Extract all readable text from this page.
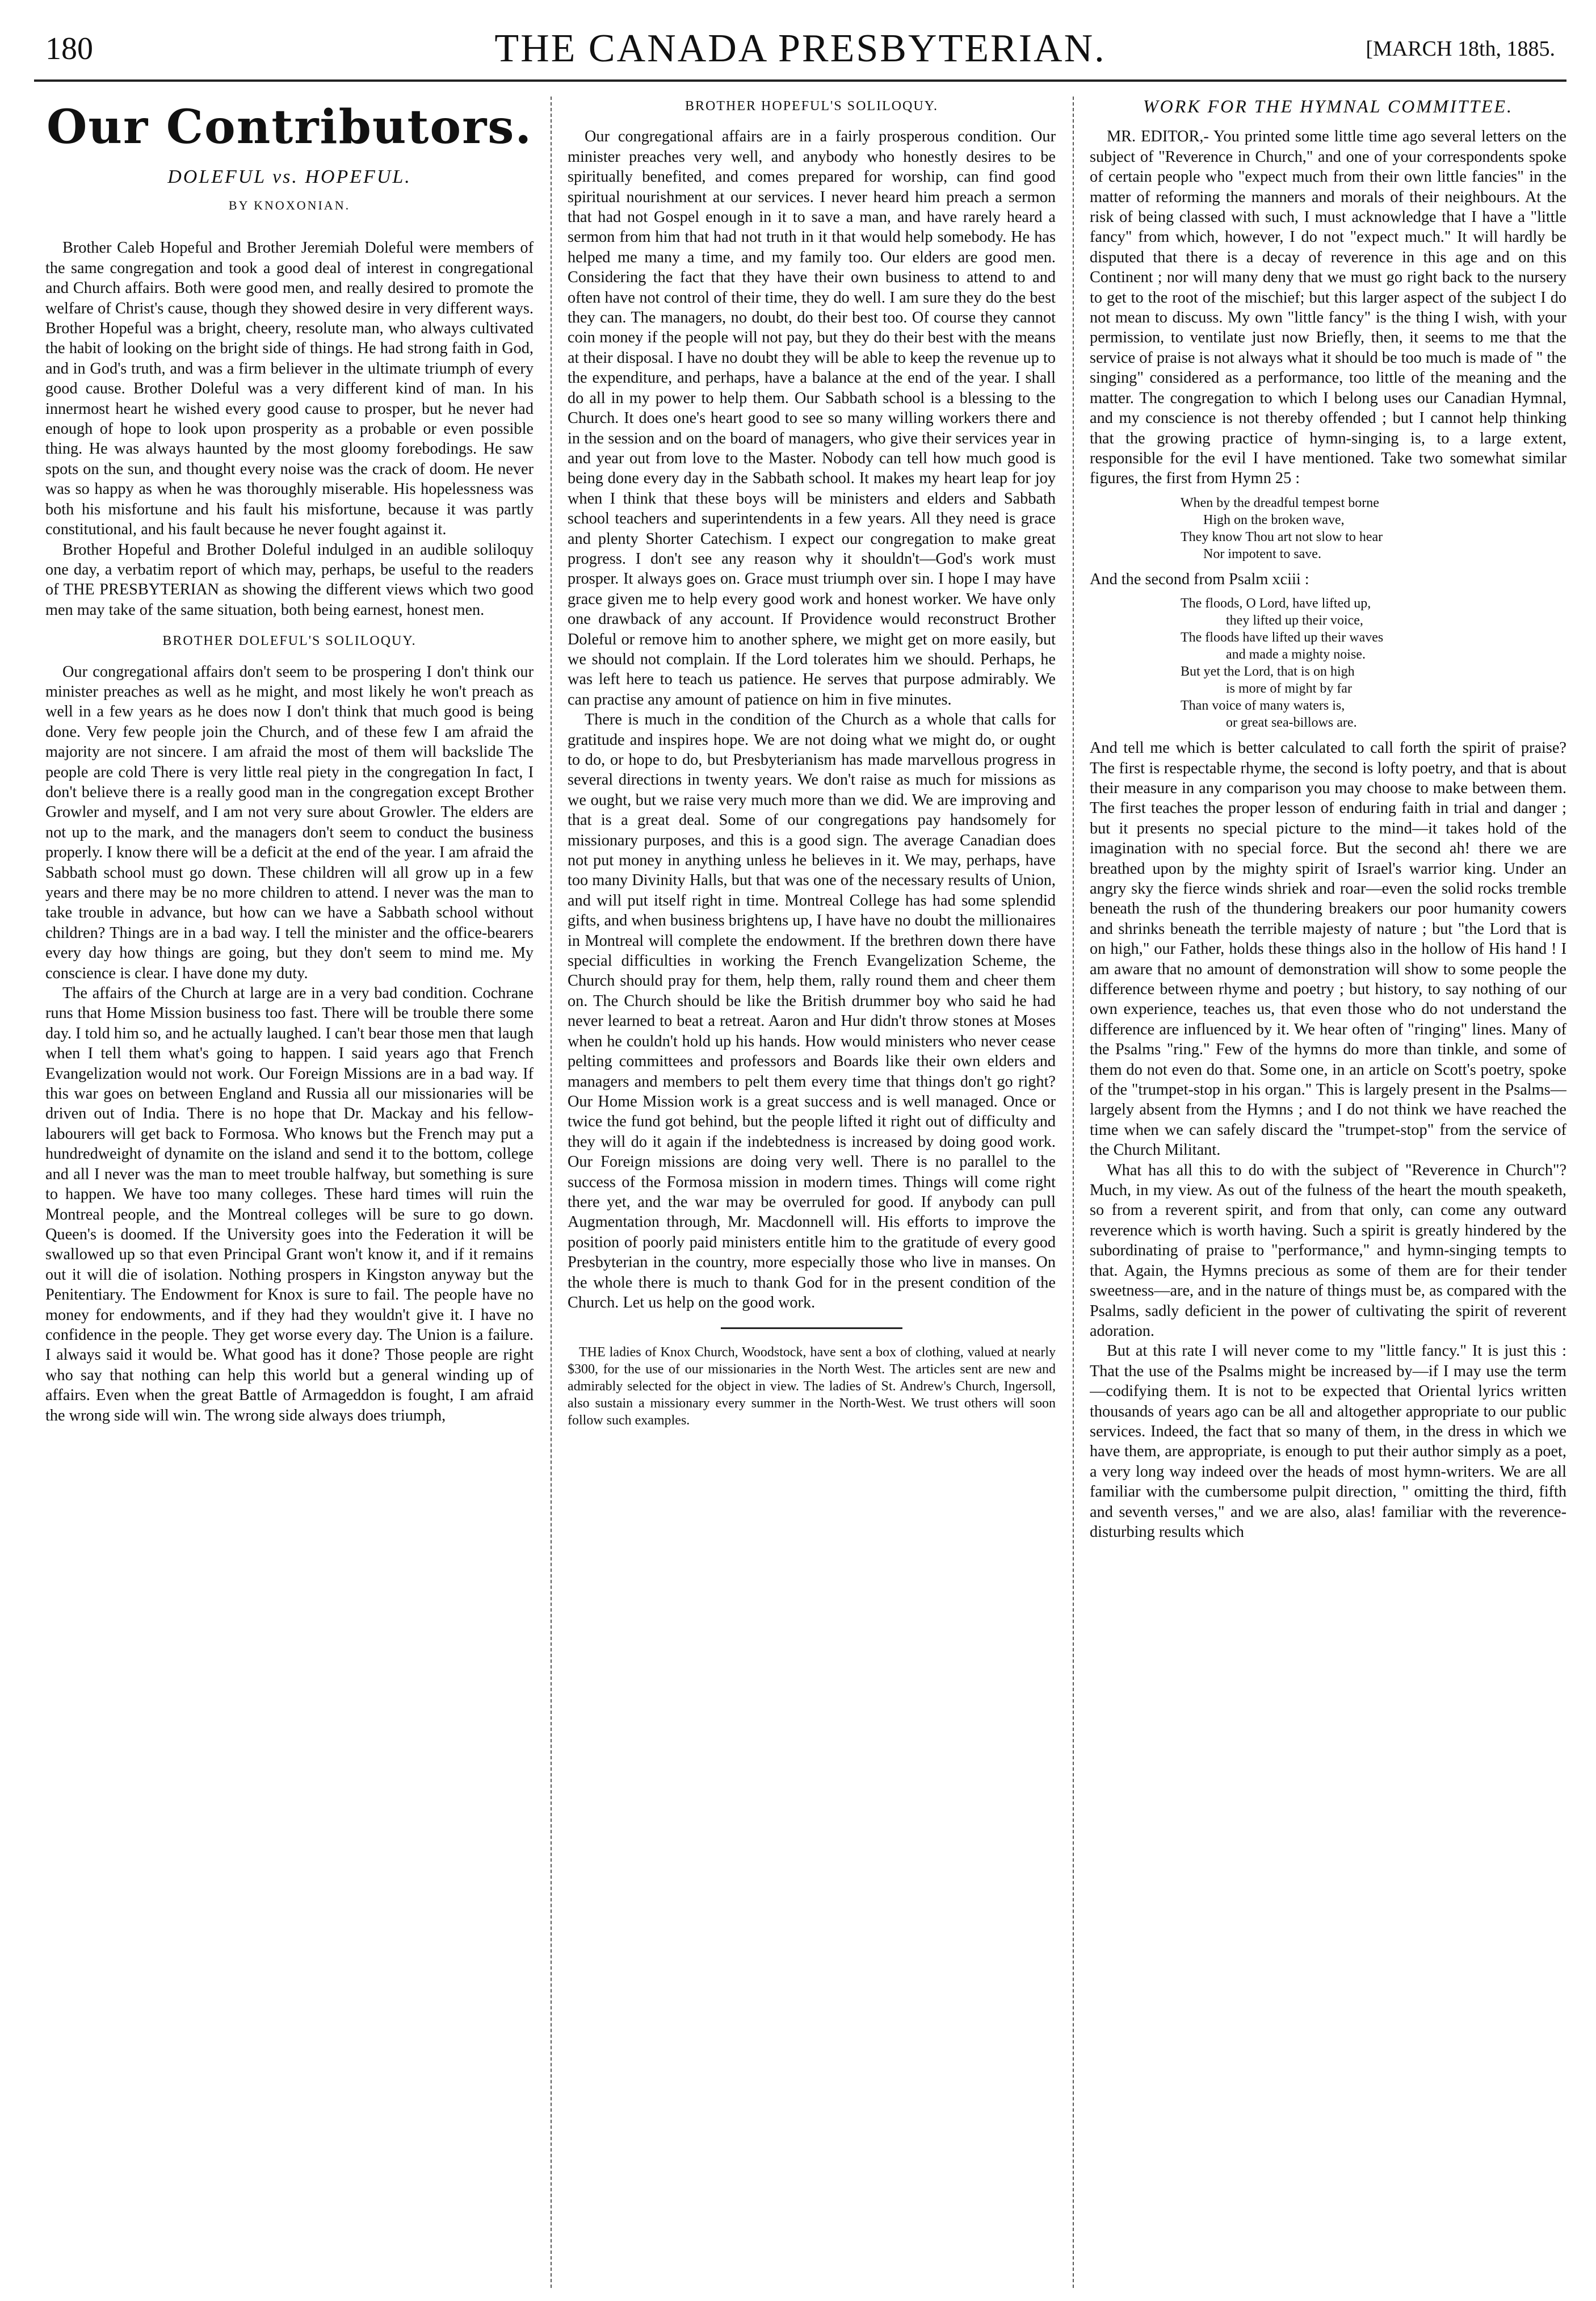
180	THE CANADA PRESBYTERIAN.	[MARCH 18th, 1885.
Our Contributors.

DOLEFUL vs. HOPEFUL.

BY KNOXONIAN.

Brother Caleb Hopeful and Brother Jeremiah Doleful were members of the same congregation and took a good deal of interest in congregational and Church affairs. Both were good men, and really desired to promote the welfare of Christ's cause, though they showed desire in very different ways. Brother Hopeful was a bright, cheery, resolute man, who always cultivated the habit of looking on the bright side of things. He had strong faith in God, and in God's truth, and was a firm believer in the ultimate triumph of every good cause. Brother Doleful was a very different kind of man. In his innermost heart he wished every good cause to prosper, but he never had enough of hope to look upon prosperity as a probable or even possible thing. He was always haunted by the most gloomy forebodings. He saw spots on the sun, and thought every noise was the crack of doom. He never was so happy as when he was thoroughly miserable. His hopelessness was both his misfortune and his fault his misfortune, because it was partly constitutional, and his fault because he never fought against it.

Brother Hopeful and Brother Doleful indulged in an audible soliloquy one day, a verbatim report of which may, perhaps, be useful to the readers of THE PRESBYTERIAN as showing the different views which two good men may take of the same situation, both being earnest, honest men.

BROTHER DOLEFUL'S SOLILOQUY.

Our congregational affairs don't seem to be prospering I don't think our minister preaches as well as he might, and most likely he won't preach as well in a few years as he does now I don't think that much good is being done. Very few people join the Church, and of these few I am afraid the majority are not sincere. I am afraid the most of them will backslide The people are cold There is very little real piety in the congregation In fact, I don't believe there is a really good man in the congregation except Brother Growler and myself, and I am not very sure about Growler. The elders are not up to the mark, and the managers don't seem to conduct the business properly. I know there will be a deficit at the end of the year. I am afraid the Sabbath school must go down. These children will all grow up in a few years and there may be no more children to attend. I never was the man to take trouble in advance, but how can we have a Sabbath school without children? Things are in a bad way. I tell the minister and the office-bearers every day how things are going, but they don't seem to mind me. My conscience is clear. I have done my duty.

The affairs of the Church at large are in a very bad condition. Cochrane runs that Home Mission business too fast. There will be trouble there some day. I told him so, and he actually laughed. I can't bear those men that laugh when I tell them what's going to happen. I said years ago that French Evangelization would not work. Our Foreign Missions are in a bad way. If this war goes on between England and Russia all our missionaries will be driven out of India. There is no hope that Dr. Mackay and his fellow-labourers will get back to Formosa. Who knows but the French may put a hundredweight of dynamite on the island and send it to the bottom, college and all I never was the man to meet trouble halfway, but something is sure to happen. We have too many colleges. These hard times will ruin the Montreal people, and the Montreal colleges will be sure to go down. Queen's is doomed. If the University goes into the Federation it will be swallowed up so that even Principal Grant won't know it, and if it remains out it will die of isolation. Nothing prospers in Kingston anyway but the Penitentiary. The Endowment for Knox is sure to fail. The people have no money for endowments, and if they had they wouldn't give it. I have no confidence in the people. They get worse every day. The Union is a failure. I always said it would be. What good has it done? Those people are right who say that nothing can help this world but a general winding up of affairs. Even when the great Battle of Armageddon is fought, I am afraid the wrong side will win. The wrong side always does triumph,

BROTHER HOPEFUL'S SOLILOQUY.

Our congregational affairs are in a fairly prosperous condition. Our minister preaches very well, and anybody who honestly desires to be spiritually benefited, and comes prepared for worship, can find good spiritual nourishment at our services. I never heard him preach a sermon that had not Gospel enough in it to save a man, and have rarely heard a sermon from him that had not truth in it that would help somebody. He has helped me many a time, and my family too. Our elders are good men. Considering the fact that they have their own business to attend to and often have not control of their time, they do well. I am sure they do the best they can. The managers, no doubt, do their best too. Of course they cannot coin money if the people will not pay, but they do their best with the means at their disposal. I have no doubt they will be able to keep the revenue up to the expenditure, and perhaps, have a balance at the end of the year. I shall do all in my power to help them. Our Sabbath school is a blessing to the Church. It does one's heart good to see so many willing workers there and in the session and on the board of managers, who give their services year in and year out from love to the Master. Nobody can tell how much good is being done every day in the Sabbath school. It makes my heart leap for joy when I think that these boys will be ministers and elders and Sabbath school teachers and superintendents in a few years. All they need is grace and plenty Shorter Catechism. I expect our congregation to make great progress. I don't see any reason why it shouldn't—God's work must prosper. It always goes on. Grace must triumph over sin. I hope I may have grace given me to help every good work and honest worker. We have only one drawback of any account. If Providence would reconstruct Brother Doleful or remove him to another sphere, we might get on more easily, but we should not complain. If the Lord tolerates him we should. Perhaps, he was left here to teach us patience. He serves that purpose admirably. We can practise any amount of patience on him in five minutes.

There is much in the condition of the Church as a whole that calls for gratitude and inspires hope. We are not doing what we might do, or ought to do, or hope to do, but Presbyterianism has made marvellous progress in several directions in twenty years. We don't raise as much for missions as we ought, but we raise very much more than we did. We are improving and that is a great deal. Some of our congregations pay handsomely for missionary purposes, and this is a good sign. The average Canadian does not put money in anything unless he believes in it. We may, perhaps, have too many Divinity Halls, but that was one of the necessary results of Union, and will put itself right in time. Montreal College has had some splendid gifts, and when business brightens up, I have have no doubt the millionaires in Montreal will complete the endowment. If the brethren down there have special difficulties in working the French Evangelization Scheme, the Church should pray for them, help them, rally round them and cheer them on. The Church should be like the British drummer boy who said he had never learned to beat a retreat. Aaron and Hur didn't throw stones at Moses when he couldn't hold up his hands. How would ministers who never cease pelting committees and professors and Boards like their own elders and managers and members to pelt them every time that things don't go right? Our Home Mission work is a great success and is well managed. Once or twice the fund got behind, but the people lifted it right out of difficulty and they will do it again if the indebtedness is increased by doing good work. Our Foreign missions are doing very well. There is no parallel to the success of the Formosa mission in modern times. Things will come right there yet, and the war may be overruled for good. If anybody can pull Augmentation through, Mr. Macdonnell will. His efforts to improve the position of poorly paid ministers entitle him to the gratitude of every good Presbyterian in the country, more especially those who live in manses. On the whole there is much to thank God for in the present condition of the Church. Let us help on the good work.

THE ladies of Knox Church, Woodstock, have sent a box of clothing, valued at nearly $300, for the use of our missionaries in the North West. The articles sent are new and admirably selected for the object in view. The ladies of St. Andrew's Church, Ingersoll, also sustain a missionary every summer in the North-West. We trust others will soon follow such examples.

WORK FOR THE HYMNAL COMMITTEE.

MR. EDITOR,- You printed some little time ago several letters on the subject of "Reverence in Church," and one of your correspondents spoke of certain people who "expect much from their own little fancies" in the matter of reforming the manners and morals of their neighbours. At the risk of being classed with such, I must acknowledge that I have a "little fancy" from which, however, I do not "expect much." It will hardly be disputed that there is a decay of reverence in this age and on this Continent ; nor will many deny that we must go right back to the nursery to get to the root of the mischief; but this larger aspect of the subject I do not mean to discuss. My own "little fancy" is the thing I wish, with your permission, to ventilate just now Briefly, then, it seems to me that the service of praise is not always what it should be too much is made of " the singing" considered as a performance, too little of the meaning and the matter. The congregation to which I belong uses our Canadian Hymnal, and my conscience is not thereby offended ; but I cannot help thinking that the growing practice of hymn-singing is, to a large extent, responsible for the evil I have mentioned. Take two somewhat similar figures, the first from Hymn 25 :

When by the dreadful tempest borne
High on the broken wave,
They know Thou art not slow to hear
Nor impotent to save.

And the second from Psalm xciii :

The floods, O Lord, have lifted up,
they lifted up their voice,
The floods have lifted up their waves
and made a mighty noise.
But yet the Lord, that is on high
is more of might by far
Than voice of many waters is,
or great sea-billows are.

And tell me which is better calculated to call forth the spirit of praise? The first is respectable rhyme, the second is lofty poetry, and that is about their measure in any comparison you may choose to make between them. The first teaches the proper lesson of enduring faith in trial and danger ; but it presents no special picture to the mind—it takes hold of the imagination with no special force. But the second ah! there we are breathed upon by the mighty spirit of Israel's warrior king. Under an angry sky the fierce winds shriek and roar—even the solid rocks tremble beneath the rush of the thundering breakers our poor humanity cowers and shrinks beneath the terrible majesty of nature ; but "the Lord that is on high," our Father, holds these things also in the hollow of His hand ! I am aware that no amount of demonstration will show to some people the difference between rhyme and poetry ; but history, to say nothing of our own experience, teaches us, that even those who do not understand the difference are influenced by it. We hear often of "ringing" lines. Many of the Psalms "ring." Few of the hymns do more than tinkle, and some of them do not even do that. Some one, in an article on Scott's poetry, spoke of the "trumpet-stop in his organ." This is largely present in the Psalms—largely absent from the Hymns ; and I do not think we have reached the time when we can safely discard the "trumpet-stop" from the service of the Church Militant.

What has all this to do with the subject of "Reverence in Church"? Much, in my view. As out of the fulness of the heart the mouth speaketh, so from a reverent spirit, and from that only, can come any outward reverence which is worth having. Such a spirit is greatly hindered by the subordinating of praise to "performance," and hymn-singing tempts to that. Again, the Hymns precious as some of them are for their tender sweetness—are, and in the nature of things must be, as compared with the Psalms, sadly deficient in the power of cultivating the spirit of reverent adoration.

But at this rate I will never come to my "little fancy." It is just this : That the use of the Psalms might be increased by—if I may use the term—codifying them. It is not to be expected that Oriental lyrics written thousands of years ago can be all and altogether appropriate to our public services. Indeed, the fact that so many of them, in the dress in which we have them, are appropriate, is enough to put their author simply as a poet, a very long way indeed over the heads of most hymn-writers. We are all familiar with the cumbersome pulpit direction, " omitting the third, fifth and seventh verses," and we are also, alas! familiar with the reverence-disturbing results which
